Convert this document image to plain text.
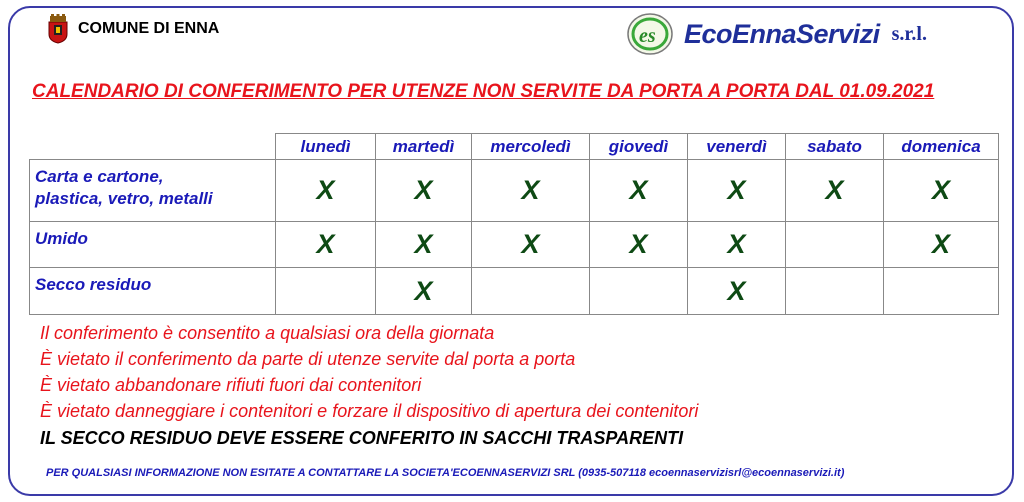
COMUNE DI ENNA	es EcoEnnaServizi s.r.l.
CALENDARIO DI CONFERIMENTO PER UTENZE NON SERVITE DA PORTA A PORTA DAL 01.09.2021
	lunedì	martedì	mercoledì	giovedì	venerdì	sabato	domenica

Carta e cartone,
plastica, vetro, metalli	X	X	X	X	X	X	X

Umido	X	X	X	X	X		X

Secco residuo		X			X		
Il conferimento è consentito a qualsiasi ora della giornata
È vietato il conferimento da parte di utenze servite dal porta a porta
È vietato abbandonare rifiuti fuori dai contenitori
È vietato danneggiare i contenitori e forzare il dispositivo di apertura dei contenitori
IL SECCO RESIDUO DEVE ESSERE CONFERITO IN SACCHI TRASPARENTI
PER QUALSIASI INFORMAZIONE NON ESITATE A CONTATTARE LA SOCIETA'ECOENNASERVIZI SRL (0935-507118 ecoennaservizisrl@ecoennaservizi.it)
